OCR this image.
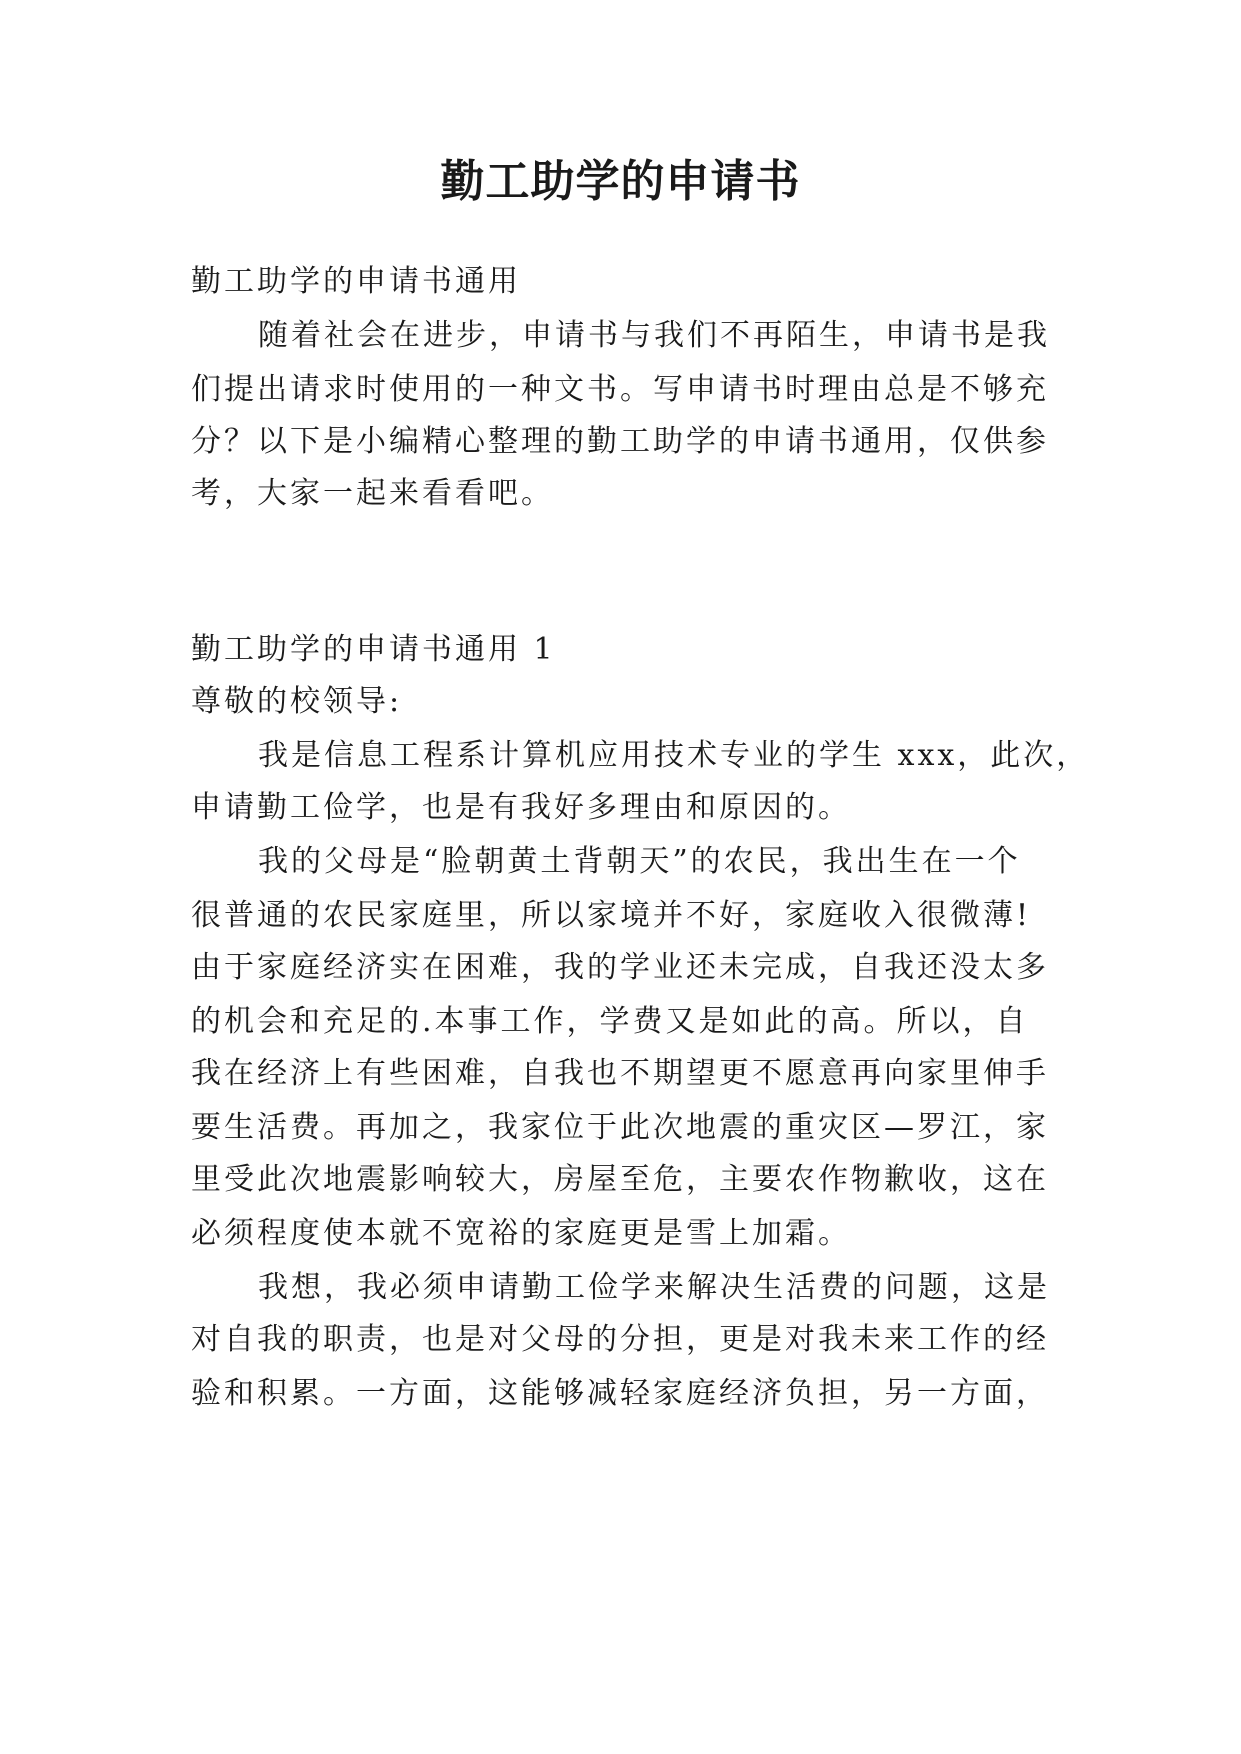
勤工助学的申请书
勤工助学的申请书通用
随着社会在进步，申请书与我们不再陌生，申请书是我
们提出请求时使用的一种文书。写申请书时理由总是不够充
分？以下是小编精心整理的勤工助学的申请书通用，仅供参
考，大家一起来看看吧。
勤工助学的申请书通用 1
尊敬的校领导:
我是信息工程系计算机应用技术专业的学生 xxx，此次，
申请勤工俭学，也是有我好多理由和原因的。
我的父母是“脸朝黄土背朝天”的农民，我出生在一个
很普通的农民家庭里，所以家境并不好，家庭收入很微薄!
由于家庭经济实在困难，我的学业还未完成，自我还没太多
的机会和充足的.本事工作，学费又是如此的高。所以，自
我在经济上有些困难，自我也不期望更不愿意再向家里伸手
要生活费。再加之，我家位于此次地震的重灾区—罗江，家
里受此次地震影响较大，房屋至危，主要农作物歉收，这在
必须程度使本就不宽裕的家庭更是雪上加霜。
我想，我必须申请勤工俭学来解决生活费的问题，这是
对自我的职责，也是对父母的分担，更是对我未来工作的经
验和积累。一方面，这能够减轻家庭经济负担，另一方面，
